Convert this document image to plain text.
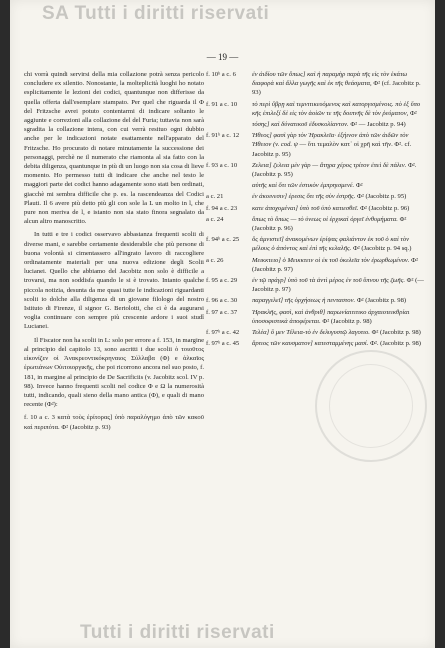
SA Tutti i diritti riservati
— 19 —

chi vorrà quindi servirsi della mia collazione potrà senza pericolo concludere ex silentio. Nonostante, la molteplicità luoghi ho notato esplicitamente le lezioni dei codici, quantunque non differisse da quella offerta dall'esemplare stampato. Per quel che riguarda il Φ del Fritzsche avrei potuto contentarmi di indicare soltanto le aggiunte e correzioni alla collazione del del Furia; tuttavia non sarà sgradita la collazione intera, con cui verrà resituo ogni dubbio anche per le indicazioni notate esattamente nell'apparato del Fritzsche. Ho procurato di notare minutamente la successione dei personaggi, perchè ne il numerato che riamonta al sia fatto con la debita diligenza, quantunque in più di un luogo non sia cosa di lieve momento. Ho permesso tutti di indicare che anche nel testo le maggiori parte dei codici hanno adagamente sono stati ben ordinati, giacchè mi sembra difficile che p. es. la rascendeanza del Codici Plauti. Il 6 avere più detto più gli con sole la L un molto in l, che pure non meriva de l, e istanto non sia stato finora segnalato da alcun altro manoscritto.

In tutti e tre i codici osservavo abbastanza frequenti scolii di diverse mani, e sarebbe certamente desiderabile che più persone di buona volontà si cimentassero all'ingrato lavoro di raccogliere ordinatamente materiali per una nuova edizione degli Scolii lucianei. Quello che abbiamo del Jacobitz non solo è difficile a trovarsi, ma non soddisfa quando le si è trovato. Intanto qualche piccola notizia, desunta da me quasi tutte le indicazioni riguardanti scolii io dolche alla diligenza di un giovane filologo del nostro Istituto di Firenze, il signor G. Bertolotti, che ci è da augurarsi voglia continuare con sempre più crescente ardore i suoi studî Lucianei.

Il Fiscator non ha scolii in L: solo per errore a f. 153, in margine al principio del capitolo 13, sono ascritti i due scolii ὁ τοιοῦτος εἰκονίζεν οἱ Ἀνακρεοντικόκρηναιος Σύλλαβα (Φ) e ἀλκαῖος ἐρωτιάνων Οὐιτοιοργικῆς, che poi ricorrono ancora nel suo posto, f. 181, in margine al principio de De Sacrificiis (v. Jacobitz scol. IV p. 98). Invece hanno frequenti scolii nel codice Φ e Ω la numerosità tutti, indicando, quali sieno della mano antica (Φ), e quali di mano recente (Φ²):

f. 10 a c. 3 κατὰ τοὺς ἐρίτορας] ὑπὸ παραλόγημο ἀπὸ τῶν κακοῦ καὶ περιπότα. Φ² (Jacobitz p. 93)

f. 10ᵇ a c. 6	ἐν ἀιδίου τῶν ὅπως] καὶ ἡ παραμὴρ παρὰ τῆς εἰς τὸν ἑκάτω διαφορὰ καὶ ἄλλα γωγῆς καὶ ἐκ τῆς θεάσματα, Φ² (cf. Jacobitz p. 93)
f. 91 a c. 10	τὸ περὶ ὕβρῃ καὶ τεμνιτικευόμενος καὶ κατοργισμένοις. πὸ ἐξ ὕπο κῆς ἐπιλεξί δὲ εἰς τὸν ἀοἰῶν τε τῆς δοιπνῆς δὲ τὸν ῥεύματον, Φ²
τόσης] καὶ δύνατικοῦ ἐδυσκολίαντον. Φ² — Jacobitz p. 94)
f. 91ᵇ a c. 12	Ἠθεος] φασὶ γὰρ τὸν Ἡρακλεῖα· ἐξήινον ἀπὸ τῶν ἀιδῶν τὸν Ἠθειον (v. cod. ψ — ὅτι τεμαλὸν κατ᾽ οἱ χρῆ καὶ τῆν. Φ². cf. Jacobitz p. 95)
f. 93 a c. 10	Ζελεια] ζελεια μὲν γὰρ — ἄτηρα χέρος τρίτον ἐπεὶ δὲ πάλιν. Φ². (Jacobitz p. 95)
αὐτῆς καὶ ὅτι τῶν ἐστικὸν ἐμπρηισμενέ. Φ²
a c. 21	ἐν ἀκοινεσιν] ἐρεσις ὅτι τῆς σὺν ἐστρῆς. Φ² (Jacobitz p. 95)
f. 94 a c. 23	κατε ἀποχομέναι] ὑπὸ τοῦ ὑπὸ κατιεσθεῖ. Φ² (Jacobitz p. 96)
a c. 24	ὅπως τὸ ὅπως — τὸ ὑνεως οἱ ἐρχικαὶ ὀργεῖ ἐνθυμήματα. Φ² (Jacobitz p. 96)
f. 94ᵇ a c. 25	ὅς ἀμνιστεῖ] ἀνακομένων ἐρίψας φαλιάντον ἐκ τοῦ ὁ καὶ τὸν μέλους ὁ ἀπόντος καὶ ἐπὶ τῆς κελαλῆς. Φ² (Jacobitz p. 94 sq.)
a c. 26	Μεικκτειο] ὁ Μεικκτειν οἱ ἐκ τοῦ ὀκελεῖα τὸν ἐρωρθωμένον. Φ² (Jacobitz p. 97)
f. 95 a c. 29	ἐν τῷ πράγρ] ὑπὸ τοῦ τὰ ἀντὶ μέρος ἐν τοῦ ὕπνου τῆς ζωῆς. Φ² (— Jacobitz p. 97)
f. 96 a c. 30	παραγγελεῖ] τῆς ὁρχήσεως ἡ πενταστον. Φ² (Jacobitz p. 98)
f. 97 a c. 37	Ἡρακλῆς, φασὶ, καὶ ἀνθριθ] παρωνίαιτιτικο ἀρχαιοτεικθρίαι ὑποσοφιστικὰ ἀποφέρεται. Φ² (Jacobitz p. 98)
f. 97ᵇ a c. 42	Τελέα] ὃ μεν Τέλεια-τὸ ἐν δελυγυστῷ λαγοτιο. Φ² (Jacobitz p. 98)
f. 97ᵇ a c. 45	ἄρτιος τῶν καυσματον] κατεσταμμένης μασί. Φ². (Jacobitz p. 98)
Tutti i diritti riservati
